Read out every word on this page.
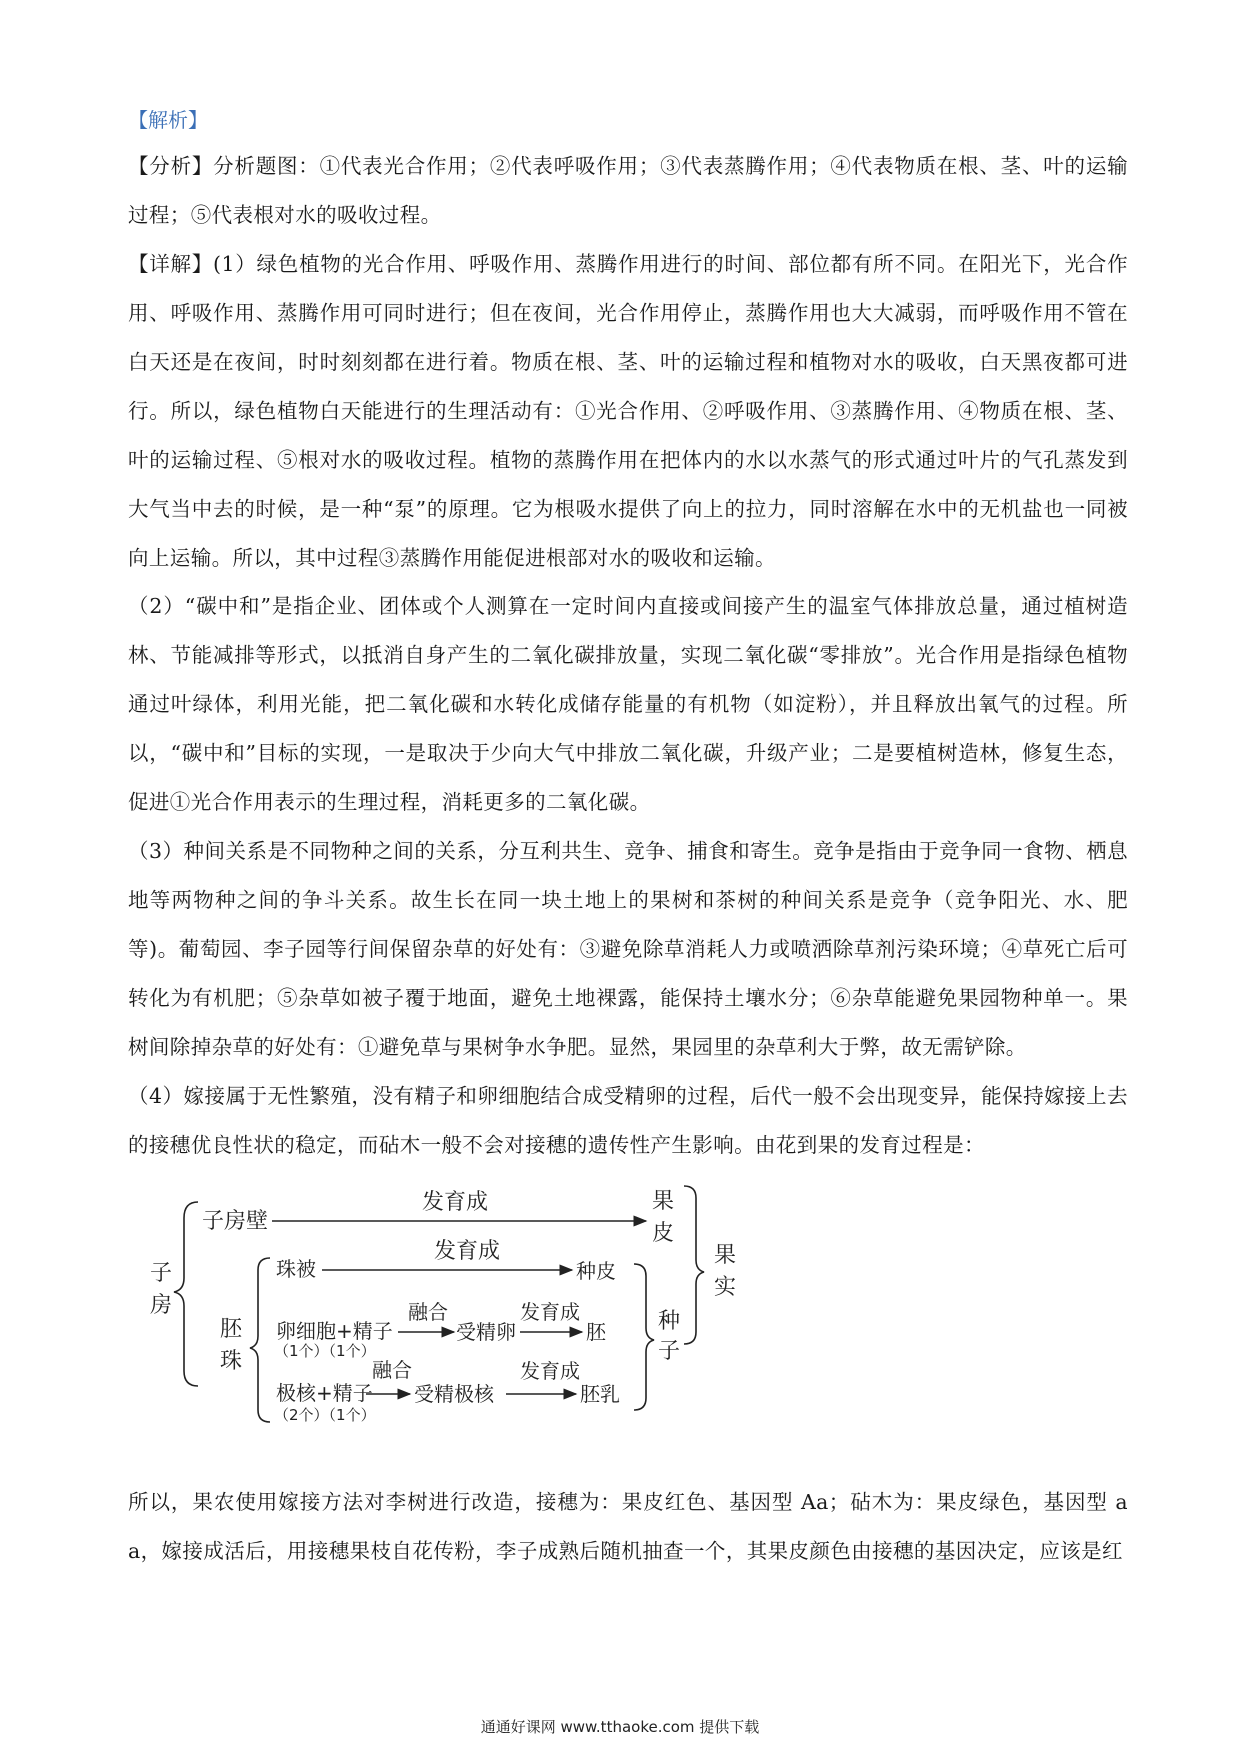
【解析】

【分析】分析题图：①代表光合作用；②代表呼吸作用；③代表蒸腾作用；④代表物质在根、茎、叶的运输过程；⑤代表根对水的吸收过程。

【详解】(1）绿色植物的光合作用、呼吸作用、蒸腾作用进行的时间、部位都有所不同。在阳光下，光合作用、呼吸作用、蒸腾作用可同时进行；但在夜间，光合作用停止，蒸腾作用也大大减弱，而呼吸作用不管在白天还是在夜间，时时刻刻都在进行着。物质在根、茎、叶的运输过程和植物对水的吸收，白天黑夜都可进行。所以，绿色植物白天能进行的生理活动有：①光合作用、②呼吸作用、③蒸腾作用、④物质在根、茎、叶的运输过程、⑤根对水的吸收过程。植物的蒸腾作用在把体内的水以水蒸气的形式通过叶片的气孔蒸发到大气当中去的时候，是一种“泵”的原理。它为根吸水提供了向上的拉力，同时溶解在水中的无机盐也一同被向上运输。所以，其中过程③蒸腾作用能促进根部对水的吸收和运输。

（2）“碳中和”是指企业、团体或个人测算在一定时间内直接或间接产生的温室气体排放总量，通过植树造林、节能减排等形式，以抵消自身产生的二氧化碳排放量，实现二氧化碳“零排放”。光合作用是指绿色植物通过叶绿体，利用光能，把二氧化碳和水转化成储存能量的有机物（如淀粉），并且释放出氧气的过程。所以，“碳中和”目标的实现，一是取决于少向大气中排放二氧化碳，升级产业；二是要植树造林，修复生态，促进①光合作用表示的生理过程，消耗更多的二氧化碳。

（3）种间关系是不同物种之间的关系，分互利共生、竞争、捕食和寄生。竞争是指由于竞争同一食物、栖息地等两物种之间的争斗关系。故生长在同一块土地上的果树和茶树的种间关系是竞争（竞争阳光、水、肥等)。葡萄园、李子园等行间保留杂草的好处有：③避免除草消耗人力或喷洒除草剂污染环境；④草死亡后可转化为有机肥；⑤杂草如被子覆于地面，避免土地裸露，能保持土壤水分；⑥杂草能避免果园物种单一。果树间除掉杂草的好处有：①避免草与果树争水争肥。显然，果园里的杂草利大于弊，故无需铲除。

（4）嫁接属于无性繁殖，没有精子和卵细胞结合成受精卵的过程，后代一般不会出现变异，能保持嫁接上去的接穗优良性状的稳定，而砧木一般不会对接穗的遗传性产生影响。由花到果的发育过程是：

子
房
子房壁
发育成	果
皮
胚
珠
珠被
发育成
种皮
卵细胞+精子
（1个）（1个）
融合
受精卵
发育成
胚
极核+精子
（2个）（1个）
融合
受精极核
发育成
胚乳
种
子
果
实

所以，果农使用嫁接方法对李树进行改造，接穗为：果皮红色、基因型 Aa；砧木为：果皮绿色，基因型 aa，嫁接成活后，用接穗果枝自花传粉，李子成熟后随机抽查一个，其果皮颜色由接穗的基因决定，应该是红

通通好课网 www.tthaoke.com 提供下载
